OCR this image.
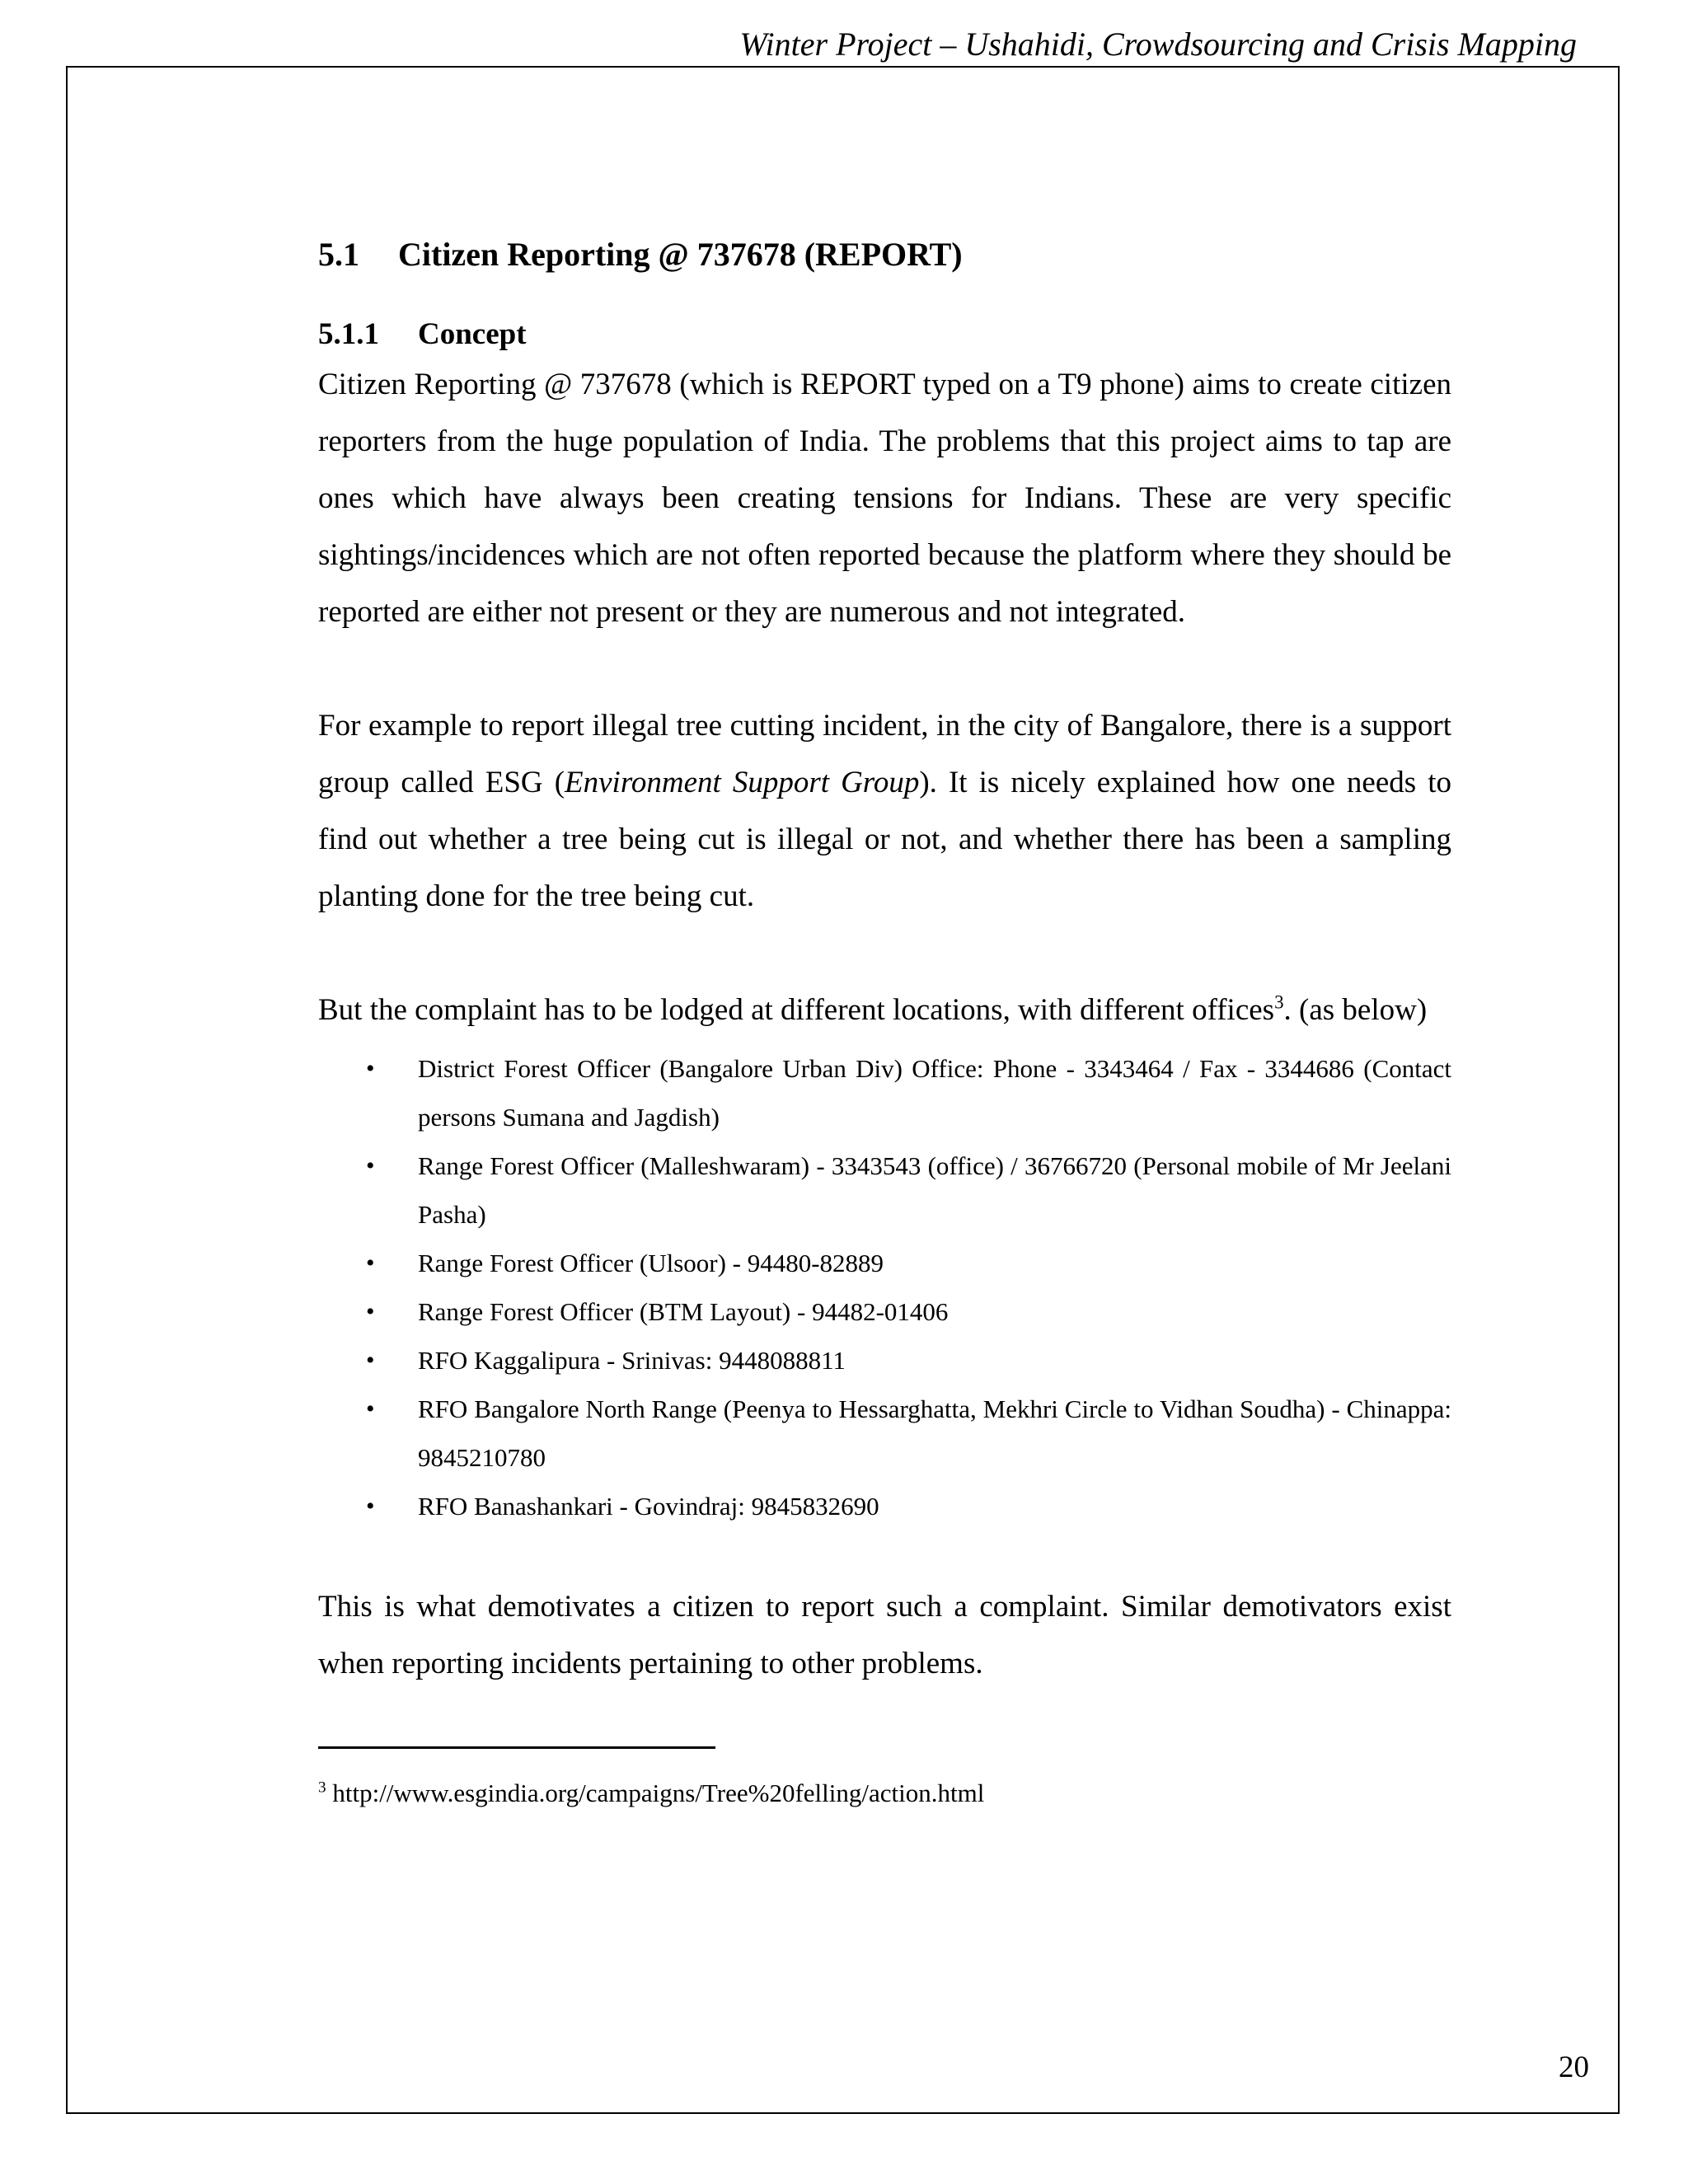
Winter Project – Ushahidi, Crowdsourcing and Crisis Mapping
5.1 Citizen Reporting @ 737678 (REPORT)
5.1.1 Concept

Citizen Reporting @ 737678 (which is REPORT typed on a T9 phone) aims to create citizen reporters from the huge population of India. The problems that this project aims to tap are ones which have always been creating tensions for Indians. These are very specific sightings/incidences which are not often reported because the platform where they should be reported are either not present or they are numerous and not integrated.

For example to report illegal tree cutting incident, in the city of Bangalore, there is a support group called ESG (Environment Support Group). It is nicely explained how one needs to find out whether a tree being cut is illegal or not, and whether there has been a sampling planting done for the tree being cut.

But the complaint has to be lodged at different locations, with different offices$^3$. (as below)

• District Forest Officer (Bangalore Urban Div) Office: Phone - 3343464 / Fax - 3344686 (Contact persons Sumana and Jagdish)
• Range Forest Officer (Malleshwaram) - 3343543 (office) / 36766720 (Personal mobile of Mr Jeelani Pasha)
• Range Forest Officer (Ulsoor) - 94480-82889
• Range Forest Officer (BTM Layout) - 94482-01406
• RFO Kaggalipura - Srinivas: 9448088811
• RFO Bangalore North Range (Peenya to Hessarghatta, Mekhri Circle to Vidhan Soudha) - Chinappa: 9845210780
• RFO Banashankari - Govindraj: 9845832690

This is what demotivates a citizen to report such a complaint. Similar demotivators exist when reporting incidents pertaining to other problems.

$^3$ http://www.esgindia.org/campaigns/Tree%20felling/action.html
20
